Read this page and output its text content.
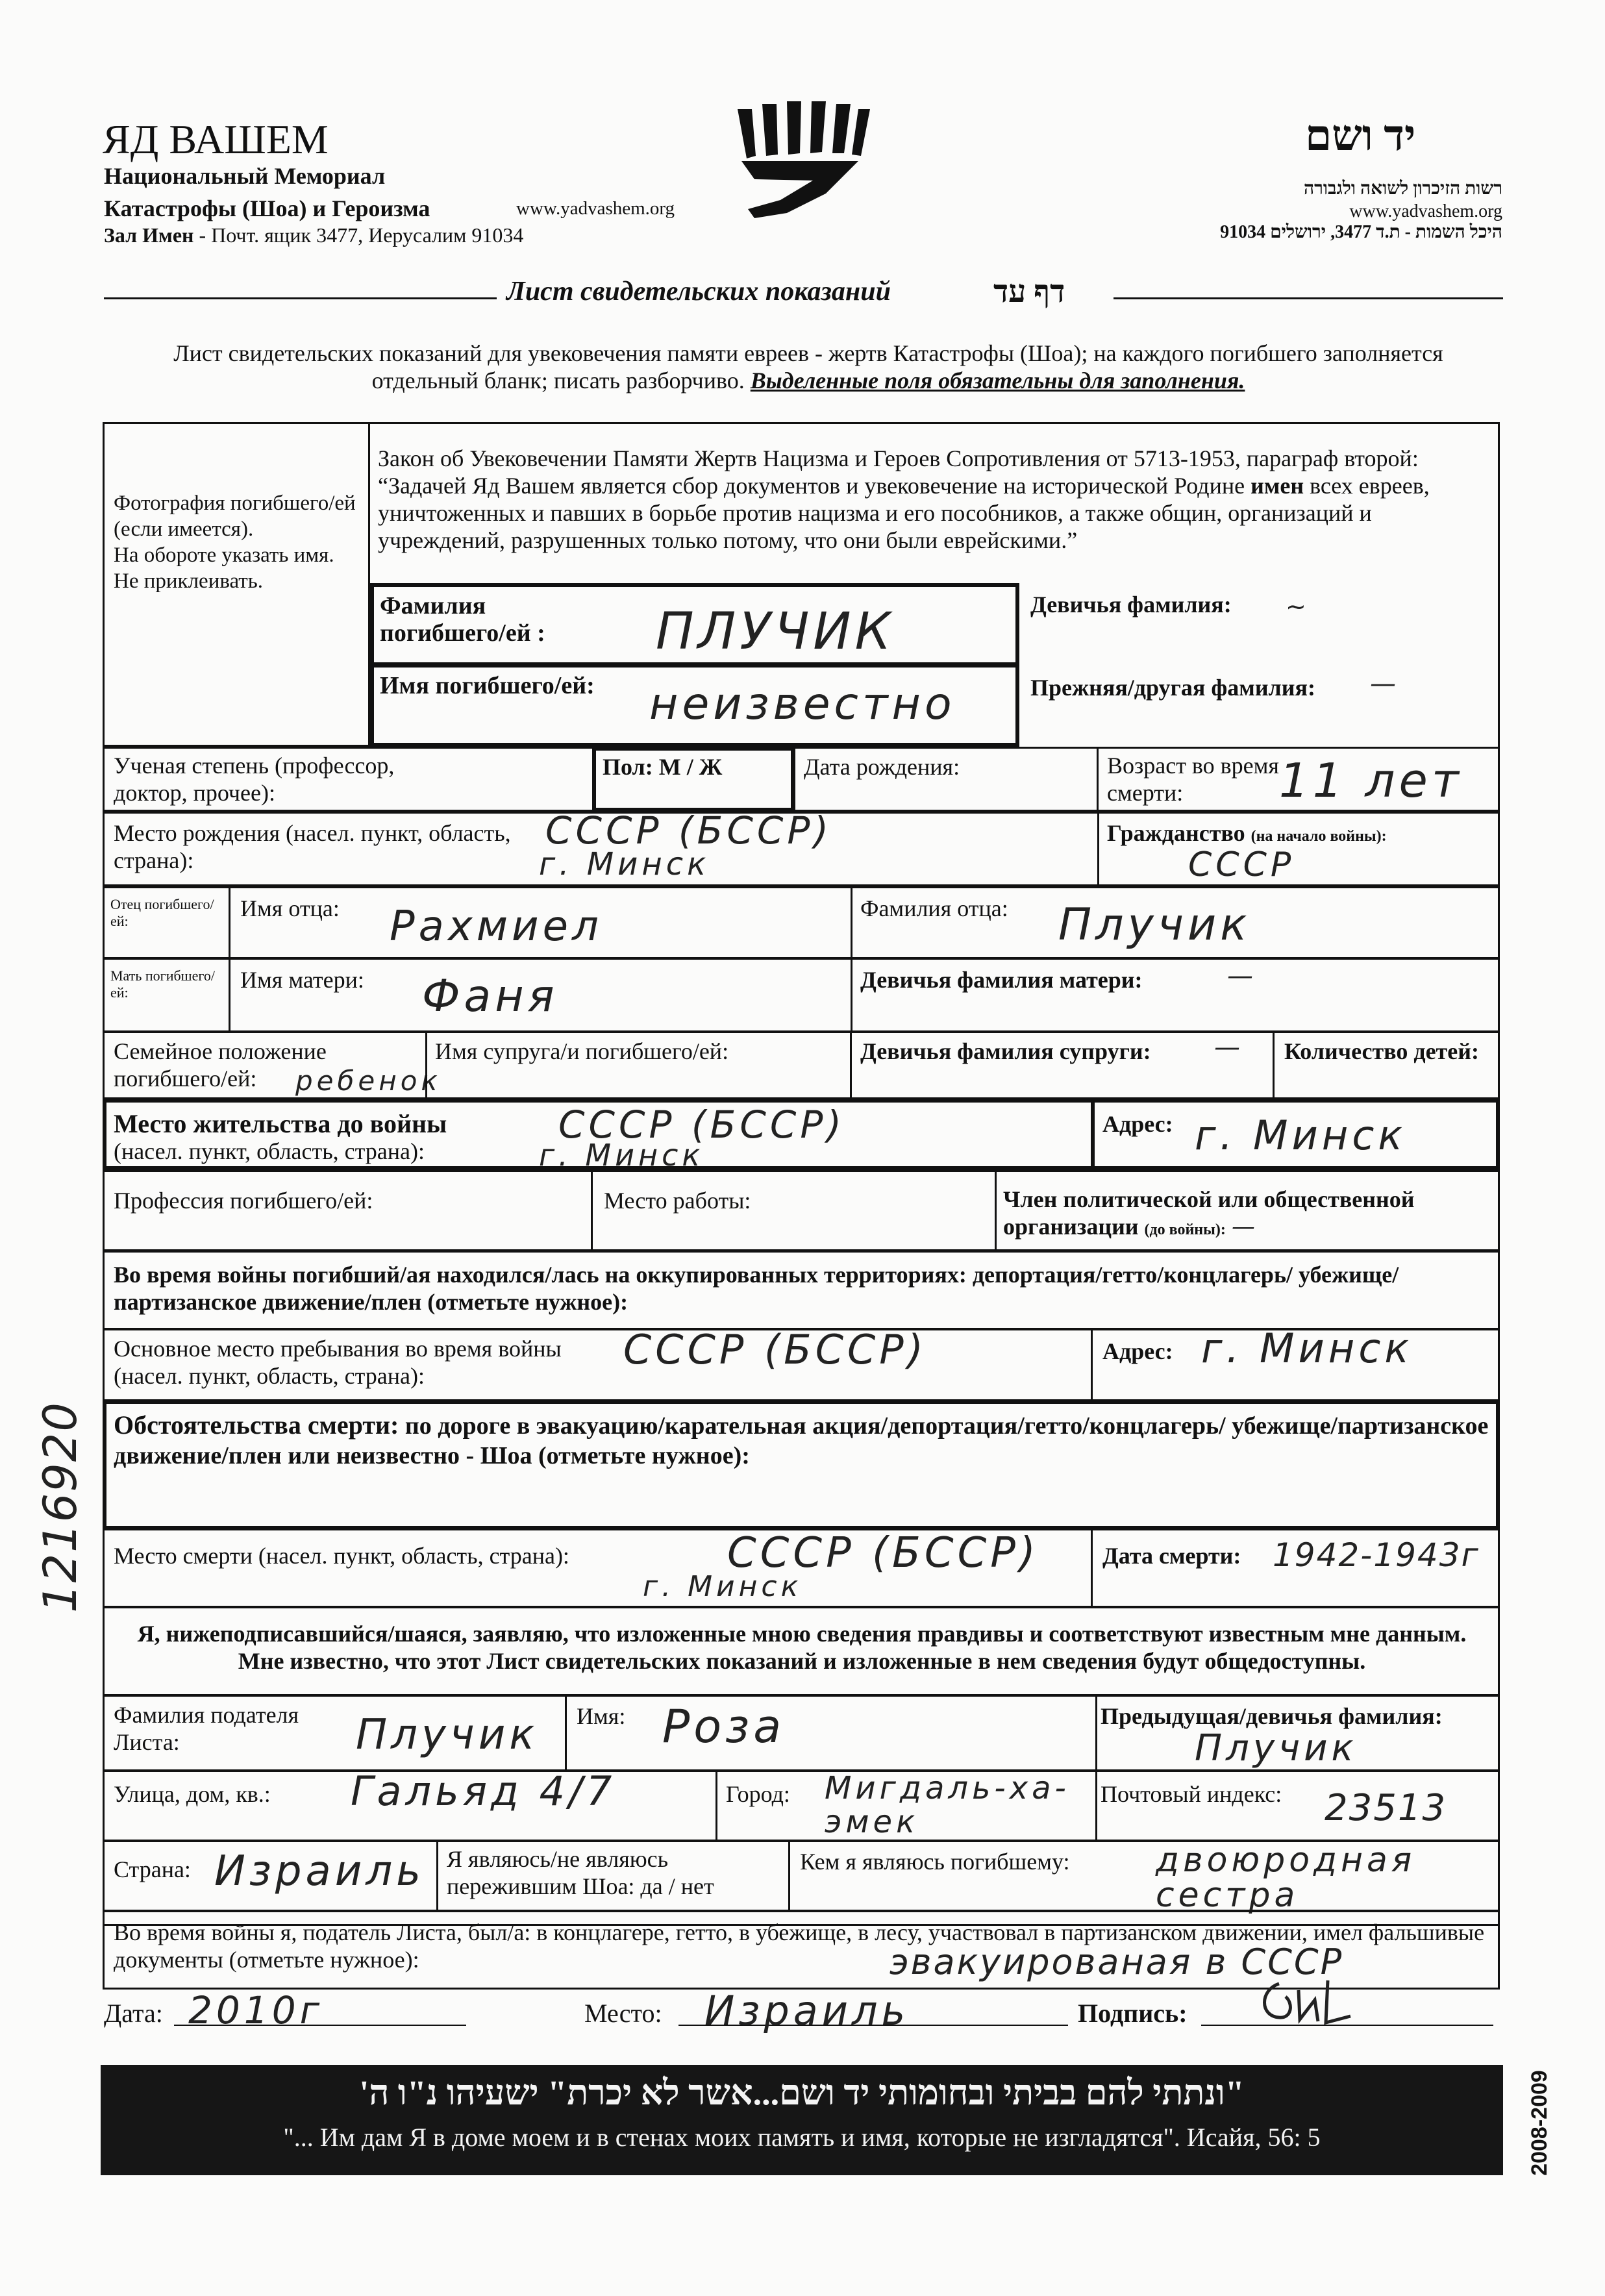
ЯД ВАШЕМ
Национальный Мемориал
Катастрофы (Шоа) и Героизма	www.yadvashem.org
Зал Имен - Почт. ящик 3477, Иерусалим 91034
יד ושם
רשות הזיכרון לשואה ולגבורה
www.yadvashem.org
היכל השמות - ת.ד 3477, ירושלים 91034
Лист свидетельских показаний	דף עד
Лист свидетельских показаний для увековечения памяти евреев - жертв Катастрофы (Шоа); на каждого погибшего заполняется отдельный бланк; писать разборчиво. Выделенные поля обязательны для заполнения.
Фотография погибшего/ей (если имеется).
На обороте указать имя.
Не приклеивать.
Закон об Увековечении Памяти Жертв Нацизма и Героев Сопротивления от 5713-1953, параграф второй: “Задачей Яд Вашем является сбор документов и увековечение на исторической Родине имен всех евреев, уничтоженных и павших в борьбе против нацизма и его пособников, а также общин, организаций и учреждений, разрушенных только потому, что они были еврейскими.”
Фамилия погибшего/ей :	ПЛУЧИК	Девичья фамилия: ~
Имя погибшего/ей: неизвестно	Прежняя/другая фамилия: —
Ученая степень (профессор, доктор, прочее):
Пол: М / Ж	Дата рождения:	Возраст во время смерти:	11 лет
Место рождения (насел. пункт, область, страна):
СССР (БССР)
г. Минск
Гражданство (на начало войны):
СССР
Отец погибшего/ ей:	Имя отца: Рахмиел	Фамилия отца: Плучик
Мать погибшего/ ей:	Имя матери: Фаня	Девичья фамилия матери:	—
Семейное положение погибшего/ей:	ребенок
Имя супруга/и погибшего/ей:	Девичья фамилия супруги: — Количество детей:
Место жительства до войны
(насел. пункт, область, страна):
СССР (БССР)
г. Минск
Адрес: г. Минск
Профессия погибшего/ей:	Место работы:	Член политической или общественной организации (до войны): —
Во время войны погибший/ая находился/лась на оккупированных территориях: депортация/гетто/концлагерь/ убежище/партизанское движение/плен (отметьте нужное):
Основное место пребывания во время войны (насел. пункт, область, страна):
СССР (БССР)	Адрес: г. Минск
Обстоятельства смерти: по дороге в эвакуацию/карательная акция/депортация/гетто/концлагерь/ убежище/партизанское движение/плен или неизвестно - Шоа (отметьте нужное):
Место смерти (насел. пункт, область, страна):	СССР (БССР)
г. Минск
Дата смерти: 1942-1943г
Я, нижеподписавшийся/шаяся, заявляю, что изложенные мною сведения правдивы и соответствуют известным мне данным. Мне известно, что этот Лист свидетельских показаний и изложенные в нем сведения будут общедоступны.
Фамилия подателя Листа:	Плучик Имя: Роза	Предыдущая/девичья фамилия:
Плучик
Улица, дом, кв.: Гальяд 4/7	Город: Мигдаль-ха-эмек
Почтовый индекс: 23513
Страна: Израиль Я являюсь/не являюсь пережившим Шоа: да / нет
Кем я являюсь погибшему:	двоюродная сестра
Во время войны я, податель Листа, был/а: в концлагере, гетто, в убежище, в лесу, участвовал в партизанском движении, имел фальшивые документы (отметьте нужное):	эвакуированая в СССР
Дата: 2010г	Место: Израиль	Подпись:
"ונתתי להם בביתי ובחומותי יד ושם...אשר לא יכרת" ישעיהו נ"ו ה'
"... Им дам Я в доме моем и в стенах моих память и имя, которые не изгладятся". Исайя, 56: 5	2008-2009
1216920
